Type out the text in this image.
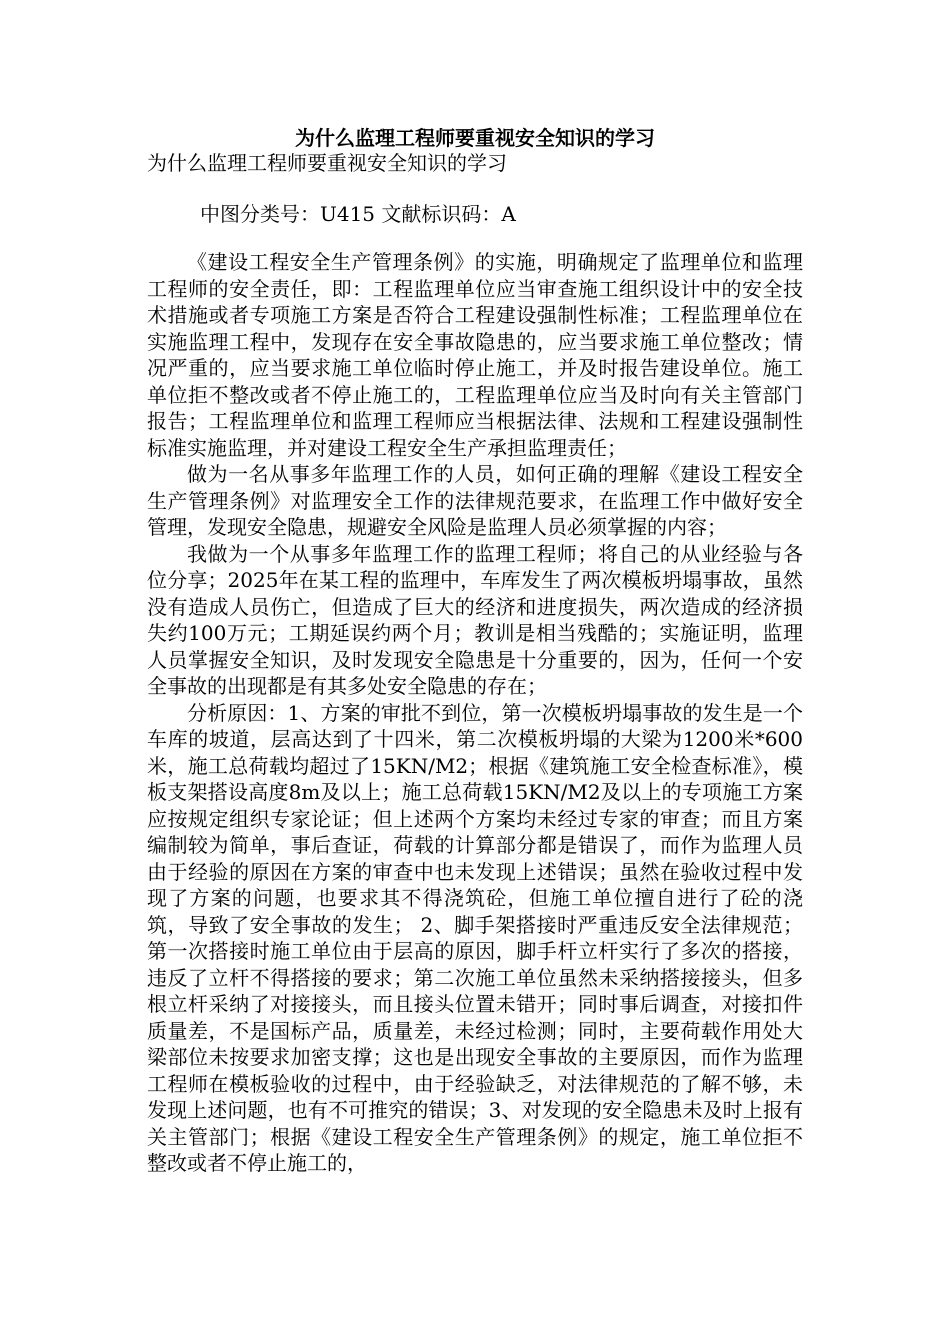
为什么监理工程师要重视安全知识的学习
为什么监理工程师要重视安全知识的学习
中图分类号：U415 文献标识码：A

《建设工程安全生产管理条例》的实施，明确规定了监理单位和监理工程师的安全责任，即：工程监理单位应当审查施工组织设计中的安全技术措施或者专项施工方案是否符合工程建设强制性标准；工程监理单位在实施监理工程中，发现存在安全事故隐患的，应当要求施工单位整改；情况严重的，应当要求施工单位临时停止施工，并及时报告建设单位。施工单位拒不整改或者不停止施工的，工程监理单位应当及时向有关主管部门报告；工程监理单位和监理工程师应当根据法律、法规和工程建设强制性标准实施监理，并对建设工程安全生产承担监理责任；

做为一名从事多年监理工作的人员，如何正确的理解《建设工程安全生产管理条例》对监理安全工作的法律规范要求，在监理工作中做好安全管理，发现安全隐患，规避安全风险是监理人员必须掌握的内容；

我做为一个从事多年监理工作的监理工程师；将自己的从业经验与各位分享；2025年在某工程的监理中，车库发生了两次模板坍塌事故，虽然没有造成人员伤亡，但造成了巨大的经济和进度损失，两次造成的经济损失约100万元；工期延误约两个月；教训是相当残酷的；实施证明，监理人员掌握安全知识，及时发现安全隐患是十分重要的，因为，任何一个安全事故的出现都是有其多处安全隐患的存在；

分析原因：1、方案的审批不到位，第一次模板坍塌事故的发生是一个车库的坡道，层高达到了十四米，第二次模板坍塌的大梁为1200米*600米，施工总荷载均超过了15KN/M2；根据《建筑施工安全检查标准》，模板支架搭设高度8m及以上；施工总荷载15KN/M2及以上的专项施工方案应按规定组织专家论证；但上述两个方案均未经过专家的审查；而且方案编制较为简单，事后查证，荷载的计算部分都是错误了，而作为监理人员由于经验的原因在方案的审查中也未发现上述错误；虽然在验收过程中发现了方案的问题，也要求其不得浇筑砼，但施工单位擅自进行了砼的浇筑，导致了安全事故的发生； 2、脚手架搭接时严重违反安全法律规范；第一次搭接时施工单位由于层高的原因，脚手杆立杆实行了多次的搭接，违反了立杆不得搭接的要求；第二次施工单位虽然未采纳搭接接头，但多根立杆采纳了对接接头，而且接头位置未错开；同时事后调查，对接扣件质量差，不是国标产品，质量差，未经过检测；同时，主要荷载作用处大梁部位未按要求加密支撑；这也是出现安全事故的主要原因，而作为监理工程师在模板验收的过程中，由于经验缺乏，对法律规范的了解不够，未发现上述问题，也有不可推究的错误；3、对发现的安全隐患未及时上报有关主管部门；根据《建设工程安全生产管理条例》的规定，施工单位拒不整改或者不停止施工的，
